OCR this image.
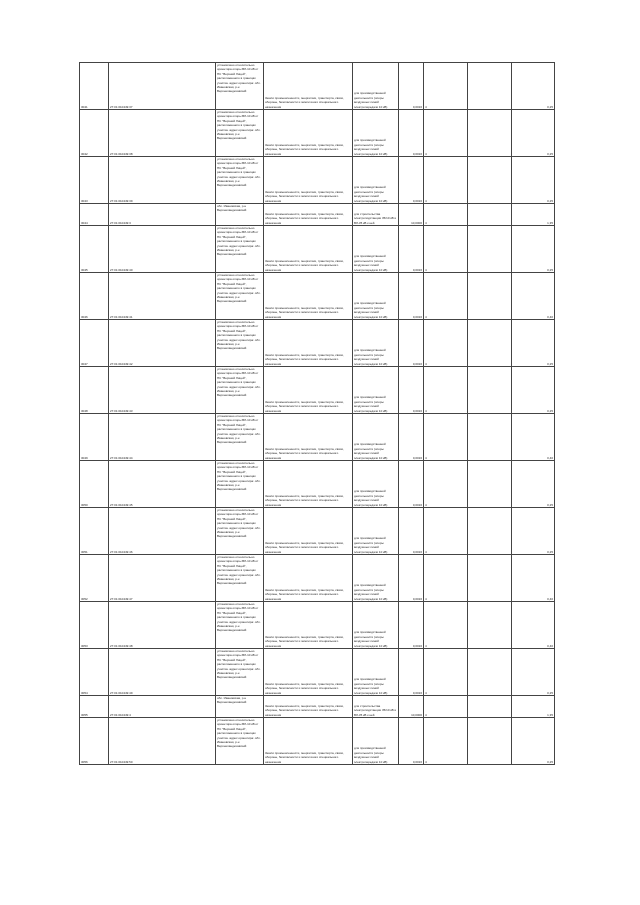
3041	27:01:010449:37	установлено относительно ориентира опоры ВЛ-10 кВ от ПС "Верхний Лицей", расположенного в границах участка. адрес ориентира: обл. Ивановская, р-н Верхнеландеховский	Земли промышленности, энергетики, транспорта, связи, обороны, безопасности и земли иного специального назначения	для производственной деятельности (опоры воздушных линий электропередачи 10 кВ)	0,0016	4		0,25

3042	27:01:010449:38	установлено относительно ориентира опоры ВЛ-10 кВ от ПС "Верхний Лицей", расположенного в границах участка. адрес ориентира: обл. Ивановская, р-н Верхнеландеховский	Земли промышленности, энергетики, транспорта, связи, обороны, безопасности и земли иного специального назначения	для производственной деятельности (опоры воздушных линий электропередачи 10 кВ)	0,0016	4		0,25

3043	27:01:010449:39	установлено относительно ориентира опоры ВЛ-10 кВ от ПС "Верхний Лицей", расположенного в границах участка. адрес ориентира: обл. Ивановская, р-н Верхнеландеховский	Земли промышленности, энергетики, транспорта, связи, обороны, безопасности и земли иного специального назначения	для производственной деятельности (опоры воздушных линий электропередачи 10 кВ)	0,0016	4		0,25

3044	27:01:010449:3	обл. Ивановская, р-н Верхнеландеховский	Земли промышленности, энергетики, транспорта, связи, обороны, безопасности и земли иного специального назначения	для строительства электроподстанции 35/10 кВ и ВЛ-35 кВ к ней	10,0000	4		1,35

3045	27:01:010449:40	установлено относительно ориентира опоры ВЛ-10 кВ от ПС "Верхний Лицей", расположенного в границах участка. адрес ориентира: обл. Ивановская, р-н Верхнеландеховский	Земли промышленности, энергетики, транспорта, связи, обороны, безопасности и земли иного специального назначения	для производственной деятельности (опоры воздушных линий электропередачи 10 кВ)	0,0016	4		0,25

3046	27:01:010449:41	установлено относительно ориентира опоры ВЛ-10 кВ от ПС "Верхний Лицей", расположенного в границах участка. адрес ориентира: обл. Ивановская, р-н Верхнеландеховский	Земли промышленности, энергетики, транспорта, связи, обороны, безопасности и земли иного специального назначения	для производственной деятельности (опоры воздушных линий электропередачи 10 кВ)	0,0016	4		0,40

3047	27:01:010449:42	установлено относительно ориентира опоры ВЛ-10 кВ от ПС "Верхний Лицей", расположенного в границах участка. адрес ориентира: обл. Ивановская, р-н Верхнеландеховский	Земли промышленности, энергетики, транспорта, связи, обороны, безопасности и земли иного специального назначения	для производственной деятельности (опоры воздушных линий электропередачи 10 кВ)	0,0016	4		0,25

3048	27:01:010449:43	установлено относительно ориентира опоры ВЛ-10 кВ от ПС "Верхний Лицей", расположенного в границах участка. адрес ориентира: обл. Ивановская, р-н Верхнеландеховский	Земли промышленности, энергетики, транспорта, связи, обороны, безопасности и земли иного специального назначения	для производственной деятельности (опоры воздушных линий электропередачи 10 кВ)	0,0016	4		0,25

3049	27:01:010449:44	установлено относительно ориентира опоры ВЛ-10 кВ от ПС "Верхний Лицей", расположенного в границах участка. адрес ориентира: обл. Ивановская, р-н Верхнеландеховский	Земли промышленности, энергетики, транспорта, связи, обороны, безопасности и земли иного специального назначения	для производственной деятельности (опоры воздушных линий электропередачи 10 кВ)	0,0016	4		0,40

3050	27:01:010449:45	установлено относительно ориентира опоры ВЛ-10 кВ от ПС "Верхний Лицей", расположенного в границах участка. адрес ориентира: обл. Ивановская, р-н Верхнеландеховский	Земли промышленности, энергетики, транспорта, связи, обороны, безопасности и земли иного специального назначения	для производственной деятельности (опоры воздушных линий электропередачи 10 кВ)	0,0016	4		0,25

3051	27:01:010449:46	установлено относительно ориентира опоры ВЛ-10 кВ от ПС "Верхний Лицей", расположенного в границах участка. адрес ориентира: обл. Ивановская, р-н Верхнеландеховский	Земли промышленности, энергетики, транспорта, связи, обороны, безопасности и земли иного специального назначения	для производственной деятельности (опоры воздушных линий электропередачи 10 кВ)	0,0016	4		0,25

3052	27:01:010449:47	установлено относительно ориентира опоры ВЛ-10 кВ от ПС "Верхний Лицей", расположенного в границах участка. адрес ориентира: обл. Ивановская, р-н Верхнеландеховский	Земли промышленности, энергетики, транспорта, связи, обороны, безопасности и земли иного специального назначения	для производственной деятельности (опоры воздушных линий электропередачи 10 кВ)	0,0016	4		0,40

3053	27:01:010449:48	установлено относительно ориентира опоры ВЛ-10 кВ от ПС "Верхний Лицей", расположенного в границах участка. адрес ориентира: обл. Ивановская, р-н Верхнеландеховский	Земли промышленности, энергетики, транспорта, связи, обороны, безопасности и земли иного специального назначения	для производственной деятельности (опоры воздушных линий электропередачи 10 кВ)	0,0016	4		0,40

3054	27:01:010449:49	установлено относительно ориентира опоры ВЛ-10 кВ от ПС "Верхний Лицей", расположенного в границах участка. адрес ориентира: обл. Ивановская, р-н Верхнеландеховский	Земли промышленности, энергетики, транспорта, связи, обороны, безопасности и земли иного специального назначения	для производственной деятельности (опоры воздушных линий электропередачи 10 кВ)	0,0016	4		0,25

3055	27:01:010449:4	обл. Ивановская, р-н Верхнеландеховский	Земли промышленности, энергетики, транспорта, связи, обороны, безопасности и земли иного специального назначения	для строительства электроподстанции 35/10 кВ и ВЛ-35 кВ к ней	10,0000	4		1,35

3056	27:01:010449:50	установлено относительно ориентира опоры ВЛ-10 кВ от ПС "Верхний Лицей", расположенного в границах участка. адрес ориентира: обл. Ивановская, р-н Верхнеландеховский	Земли промышленности, энергетики, транспорта, связи, обороны, безопасности и земли иного специального назначения	для производственной деятельности (опоры воздушных линий электропередачи 10 кВ)	0,0016	4		0,25
